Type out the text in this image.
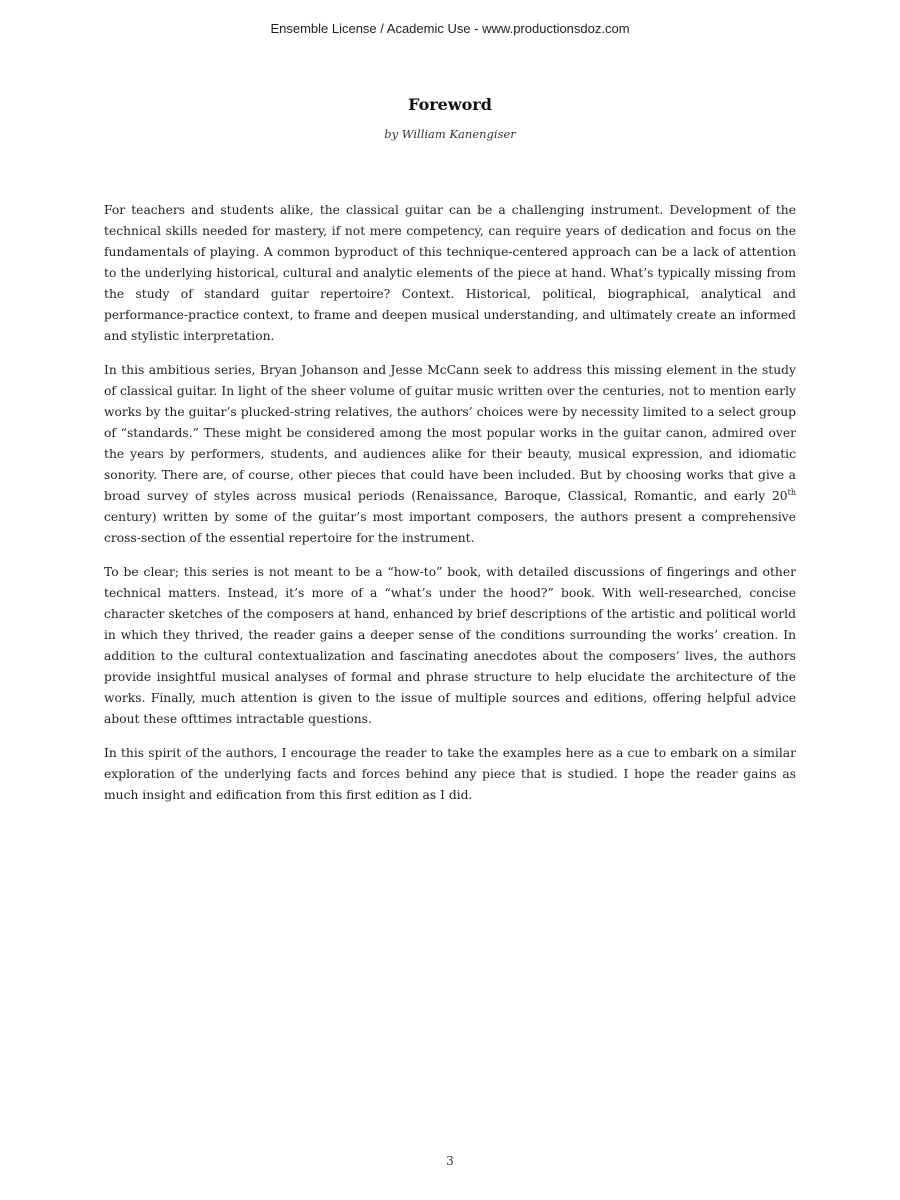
Ensemble License / Academic Use - www.productionsdoz.com
Foreword
by William Kanengiser

For teachers and students alike, the classical guitar can be a challenging instrument. Development of the technical skills needed for mastery, if not mere competency, can require years of dedication and focus on the fundamentals of playing. A common byproduct of this technique-centered approach can be a lack of attention to the underlying historical, cultural and analytic elements of the piece at hand. What’s typically missing from the study of standard guitar repertoire? Context. Historical, political, biographical, analytical and performance-practice context, to frame and deepen musical understanding, and ultimately create an informed and stylistic interpretation.

In this ambitious series, Bryan Johanson and Jesse McCann seek to address this missing element in the study of classical guitar. In light of the sheer volume of guitar music written over the centuries, not to mention early works by the guitar’s plucked-string relatives, the authors’ choices were by necessity limited to a select group of “standards.” These might be considered among the most popular works in the guitar canon, admired over the years by performers, students, and audiences alike for their beauty, musical expression, and idiomatic sonority. There are, of course, other pieces that could have been included. But by choosing works that give a broad survey of styles across musical periods (Renaissance, Baroque, Classical, Romantic, and early 20th century) written by some of the guitar’s most important composers, the authors present a comprehensive cross-section of the essential repertoire for the instrument.

To be clear; this series is not meant to be a “how-to” book, with detailed discussions of fingerings and other technical matters. Instead, it’s more of a “what’s under the hood?” book. With well-researched, concise character sketches of the composers at hand, enhanced by brief descriptions of the artistic and political world in which they thrived, the reader gains a deeper sense of the conditions surrounding the works’ creation. In addition to the cultural contextualization and fascinating anecdotes about the composers’ lives, the authors provide insightful musical analyses of formal and phrase structure to help elucidate the architecture of the works. Finally, much attention is given to the issue of multiple sources and editions, offering helpful advice about these ofttimes intractable questions.

In this spirit of the authors, I encourage the reader to take the examples here as a cue to embark on a similar exploration of the underlying facts and forces behind any piece that is studied. I hope the reader gains as much insight and edification from this first edition as I did.

3
